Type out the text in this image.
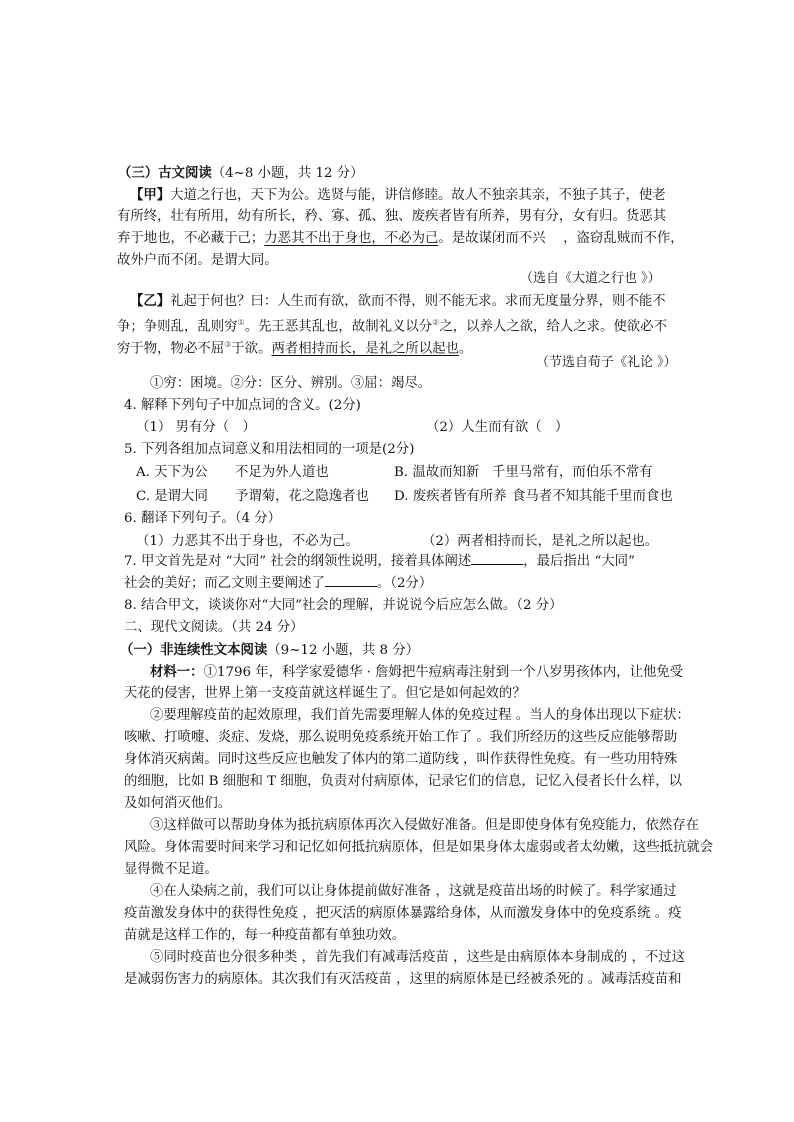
（三）古文阅读（4~8 小题，共 12 分）
【甲】大道之行也，天下为公。选贤与能，讲信修睦。故人不独亲其亲，不独子其子，使老
有所终，壮有所用，幼有所长，矜、寡、孤、独、废疾者皆有所养，男有分，女有归。货恶其
弃于地也，不必藏于己；力恶其不出于身也，不必为己。是故谋闭而不兴　 ，盗窃乱贼而不作，
故外户而不闭。是谓大同。
（选自《大道之行也 》）
【乙】礼起于何也？曰：人生而有欲，欲而不得，则不能无求。求而无度量分界，则不能不
争；争则乱，乱则穷①。先王恶其乱也，故制礼义以分②之，以养人之欲，给人之求。使欲必不
穷于物，物必不屈③于欲。两者相持而长，是礼之所以起也。
（节选自荀子《礼论 》）
①穷：困境。②分：区分、辨别。③屈：竭尽。
4. 解释下列句子中加点词的含义。(2分)
（1） 男有分（　）	（2）人生而有欲（　）
5. 下列各组加点词意义和用法相同的一项是(2分)
A. 天下为公 不足为外人道也	B. 温故而知新 千里马常有，而伯乐不常有
C. 是谓大同 予谓菊，花之隐逸者也 D. 废疾者皆有所养 食马者不知其能千里而食也
6. 翻译下列句子。（4 分）
（1）力恶其不出于身也，不必为己。	（2）两者相持而长，是礼之所以起也。
7. 甲文首先是对 “大同” 社会的纲领性说明，接着具体阐述	，最后指出 “大同”
社会的美好；而乙文则主要阐述了	。（2分）
8. 结合甲文，谈谈你对“大同”社会的理解，并说说今后应怎么做。（2 分）
二、现代文阅读。（共 24 分）
（一）非连续性文本阅读（9~12 小题，共 8 分）
材料一：①1796 年，科学家爱德华 · 詹姆把牛痘病毒注射到一个八岁男孩体内，让他免受
天花的侵害，世界上第一支疫苗就这样诞生了。但它是如何起效的？
②要理解疫苗的起效原理，我们首先需要理解人体的免疫过程 。当人的身体出现以下症状：
咳嗽、打喷嚏、炎症、发烧，那么说明免疫系统开始工作了 。我们所经历的这些反应能够帮助
身体消灭病菌。同时这些反应也触发了体内的第二道防线 ，叫作获得性免疫。有一些功用特殊
的细胞，比如 B 细胞和 T 细胞，负责对付病原体，记录它们的信息，记忆入侵者长什么样，以
及如何消灭他们。
③这样做可以帮助身体为抵抗病原体再次入侵做好准备。但是即使身体有免疫能力，依然存在
风险。身体需要时间来学习和记忆如何抵抗病原体，但是如果身体太虚弱或者太幼嫩，这些抵抗就会
显得微不足道。
④在人染病之前，我们可以让身体提前做好准备 ，这就是疫苗出场的时候了。科学家通过
疫苗激发身体中的获得性免疫 ，把灭活的病原体暴露给身体，从而激发身体中的免疫系统 。疫
苗就是这样工作的，每一种疫苗都有单独功效。
⑤同时疫苗也分很多种类 ，首先我们有减毒活疫苗 ，这些是由病原体本身制成的 ，不过这
是减弱伤害力的病原体。其次我们有灭活疫苗 ，这里的病原体是已经被杀死的 。减毒活疫苗和
